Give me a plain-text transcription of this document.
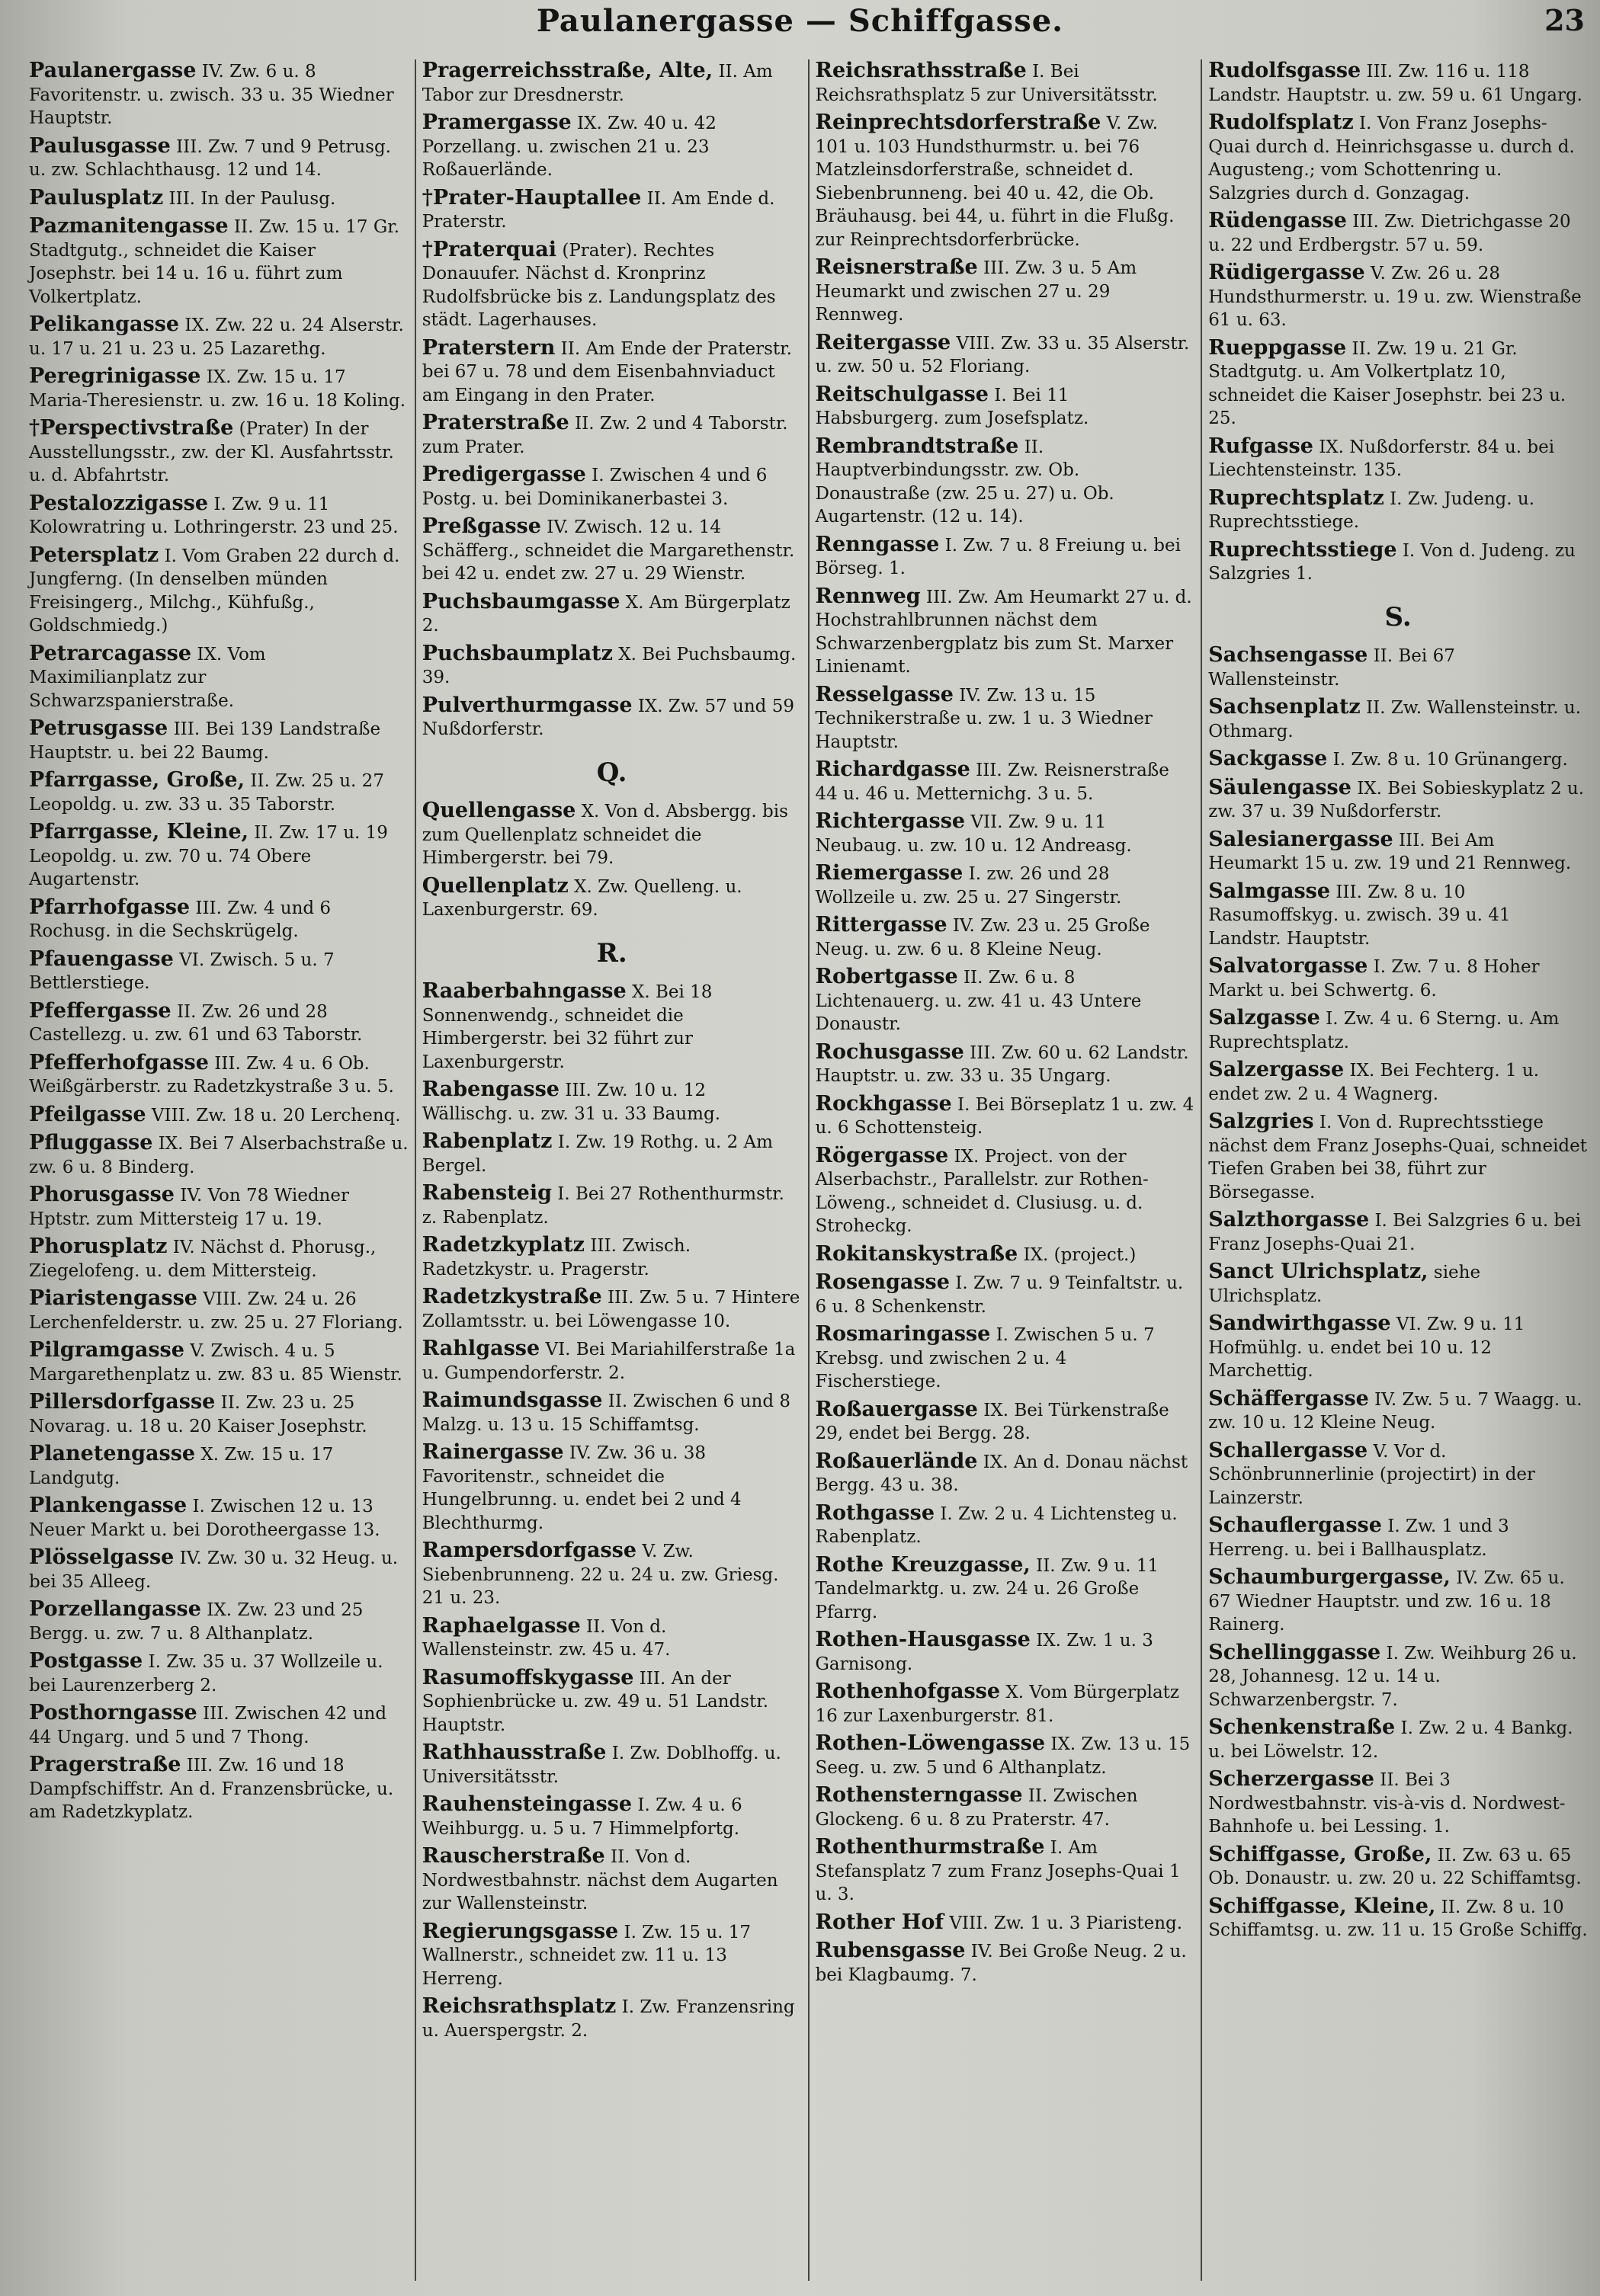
Paulanergasse — Schiffgasse.	23
Paulanergasse IV. Zw. 6 u. 8 Favoritenstr. u. zwisch. 33 u. 35 Wiedner Hauptstr.
Paulusgasse III. Zw. 7 und 9 Petrusg. u. zw. Schlachthausg. 12 und 14.
Paulusplatz III. In der Paulusg.
Pazmanitengasse II. Zw. 15 u. 17 Gr. Stadtgutg., schneidet die Kaiser Josephstr. bei 14 u. 16 u. führt zum Volkertplatz.
Pelikangasse IX. Zw. 22 u. 24 Alserstr. u. 17 u. 21 u. 23 u. 25 Lazarethg.
Peregrinigasse IX. Zw. 15 u. 17 Maria-Theresienstr. u. zw. 16 u. 18 Koling.
†Perspectivstraße (Prater) In der Ausstellungsstr., zw. der Kl. Ausfahrtsstr. u. d. Abfahrtstr.
Pestalozzigasse I. Zw. 9 u. 11 Kolowratring u. Lothringerstr. 23 und 25.
Petersplatz I. Vom Graben 22 durch d. Jungferng. (In denselben münden Freisingerg., Milchg., Kühfußg., Goldschmiedg.)
Petrarcagasse IX. Vom Maximilianplatz zur Schwarzspanierstraße.
Petrusgasse III. Bei 139 Landstraße Hauptstr. u. bei 22 Baumg.
Pfarrgasse, Große, II. Zw. 25 u. 27 Leopoldg. u. zw. 33 u. 35 Taborstr.
Pfarrgasse, Kleine, II. Zw. 17 u. 19 Leopoldg. u. zw. 70 u. 74 Obere Augartenstr.
Pfarrhofgasse III. Zw. 4 und 6 Rochusg. in die Sechskrügelg.
Pfauengasse VI. Zwisch. 5 u. 7 Bettlerstiege.
Pfeffergasse II. Zw. 26 und 28 Castellezg. u. zw. 61 und 63 Taborstr.
Pfefferhofgasse III. Zw. 4 u. 6 Ob. Weißgärberstr. zu Radetzkystraße 3 u. 5.
Pfeilgasse VIII. Zw. 18 u. 20 Lerchenq.
Pfluggasse IX. Bei 7 Alserbachstraße u. zw. 6 u. 8 Binderg.
Phorusgasse IV. Von 78 Wiedner Hptstr. zum Mittersteig 17 u. 19.
Phorusplatz IV. Nächst d. Phorusg., Ziegelofeng. u. dem Mittersteig.
Piaristengasse VIII. Zw. 24 u. 26 Lerchenfelderstr. u. zw. 25 u. 27 Floriang.
Pilgramgasse V. Zwisch. 4 u. 5 Margarethenplatz u. zw. 83 u. 85 Wienstr.
Pillersdorfgasse II. Zw. 23 u. 25 Novarag. u. 18 u. 20 Kaiser Josephstr.
Planetengasse X. Zw. 15 u. 17 Landgutg.
Plankengasse I. Zwischen 12 u. 13 Neuer Markt u. bei Dorotheergasse 13.
Plösselgasse IV. Zw. 30 u. 32 Heug. u. bei 35 Alleeg.
Porzellangasse IX. Zw. 23 und 25 Bergg. u. zw. 7 u. 8 Althanplatz.
Postgasse I. Zw. 35 u. 37 Wollzeile u. bei Laurenzerberg 2.
Posthorngasse III. Zwischen 42 und 44 Ungarg. und 5 und 7 Thong.
Pragerstraße III. Zw. 16 und 18 Dampfschiffstr. An d. Franzensbrücke, u. am Radetzkyplatz.
Pragerreichsstraße, Alte, II. Am Tabor zur Dresdnerstr.
Pramergasse IX. Zw. 40 u. 42 Porzellang. u. zwischen 21 u. 23 Roßauerlände.
†Prater-Hauptallee II. Am Ende d. Praterstr.
†Praterquai (Prater). Rechtes Donauufer. Nächst d. Kronprinz Rudolfsbrücke bis z. Landungsplatz des städt. Lagerhauses.
Praterstern II. Am Ende der Praterstr. bei 67 u. 78 und dem Eisenbahnviaduct am Eingang in den Prater.
Praterstraße II. Zw. 2 und 4 Taborstr. zum Prater.
Predigergasse I. Zwischen 4 und 6 Postg. u. bei Dominikanerbastei 3.
Preßgasse IV. Zwisch. 12 u. 14 Schäfferg., schneidet die Margarethenstr. bei 42 u. endet zw. 27 u. 29 Wienstr.
Puchsbaumgasse X. Am Bürgerplatz 2.
Puchsbaumplatz X. Bei Puchsbaumg. 39.
Pulverthurmgasse IX. Zw. 57 und 59 Nußdorferstr.
Q.
Quellengasse X. Von d. Absbergg. bis zum Quellenplatz schneidet die Himbergerstr. bei 79.
Quellenplatz X. Zw. Quelleng. u. Laxenburgerstr. 69.
R.
Raaberbahngasse X. Bei 18 Sonnenwendg., schneidet die Himbergerstr. bei 32 führt zur Laxenburgerstr.
Rabengasse III. Zw. 10 u. 12 Wällischg. u. zw. 31 u. 33 Baumg.
Rabenplatz I. Zw. 19 Rothg. u. 2 Am Bergel.
Rabensteig I. Bei 27 Rothenthurmstr. z. Rabenplatz.
Radetzkyplatz III. Zwisch. Radetzkystr. u. Pragerstr.
Radetzkystraße III. Zw. 5 u. 7 Hintere Zollamtsstr. u. bei Löwengasse 10.
Rahlgasse VI. Bei Mariahilferstraße 1a u. Gumpendorferstr. 2.
Raimundsgasse II. Zwischen 6 und 8 Malzg. u. 13 u. 15 Schiffamtsg.
Rainergasse IV. Zw. 36 u. 38 Favoritenstr., schneidet die Hungelbrunng. u. endet bei 2 und 4 Blechthurmg.
Rampersdorfgasse V. Zw. Siebenbrunneng. 22 u. 24 u. zw. Griesg. 21 u. 23.
Raphaelgasse II. Von d. Wallensteinstr. zw. 45 u. 47.
Rasumoffskygasse III. An der Sophienbrücke u. zw. 49 u. 51 Landstr. Hauptstr.
Rathhausstraße I. Zw. Doblhoffg. u. Universitätsstr.
Rauhensteingasse I. Zw. 4 u. 6 Weihburgg. u. 5 u. 7 Himmelpfortg.
Rauscherstraße II. Von d. Nordwestbahnstr. nächst dem Augarten zur Wallensteinstr.
Regierungsgasse I. Zw. 15 u. 17 Wallnerstr., schneidet zw. 11 u. 13 Herreng.
Reichsrathsplatz I. Zw. Franzensring u. Auerspergstr. 2.
Reichsrathsstraße I. Bei Reichsrathsplatz 5 zur Universitätsstr.
Reinprechtsdorferstraße V. Zw. 101 u. 103 Hundsthurmstr. u. bei 76 Matzleinsdorferstraße, schneidet d. Siebenbrunneng. bei 40 u. 42, die Ob. Bräuhausg. bei 44, u. führt in die Flußg. zur Reinprechtsdorferbrücke.
Reisnerstraße III. Zw. 3 u. 5 Am Heumarkt und zwischen 27 u. 29 Rennweg.
Reitergasse VIII. Zw. 33 u. 35 Alserstr. u. zw. 50 u. 52 Floriang.
Reitschulgasse I. Bei 11 Habsburgerg. zum Josefsplatz.
Rembrandtstraße II. Hauptverbindungsstr. zw. Ob. Donaustraße (zw. 25 u. 27) u. Ob. Augartenstr. (12 u. 14).
Renngasse I. Zw. 7 u. 8 Freiung u. bei Börseg. 1.
Rennweg III. Zw. Am Heumarkt 27 u. d. Hochstrahlbrunnen nächst dem Schwarzenbergplatz bis zum St. Marxer Linienamt.
Resselgasse IV. Zw. 13 u. 15 Technikerstraße u. zw. 1 u. 3 Wiedner Hauptstr.
Richardgasse III. Zw. Reisnerstraße 44 u. 46 u. Metternichg. 3 u. 5.
Richtergasse VII. Zw. 9 u. 11 Neubaug. u. zw. 10 u. 12 Andreasg.
Riemergasse I. zw. 26 und 28 Wollzeile u. zw. 25 u. 27 Singerstr.
Rittergasse IV. Zw. 23 u. 25 Große Neug. u. zw. 6 u. 8 Kleine Neug.
Robertgasse II. Zw. 6 u. 8 Lichtenauerg. u. zw. 41 u. 43 Untere Donaustr.
Rochusgasse III. Zw. 60 u. 62 Landstr. Hauptstr. u. zw. 33 u. 35 Ungarg.
Rockhgasse I. Bei Börseplatz 1 u. zw. 4 u. 6 Schottensteig.
Rögergasse IX. Project. von der Alserbachstr., Parallelstr. zur Rothen-Löweng., schneidet d. Clusiusg. u. d. Stroheckg.
Rokitanskystraße IX. (project.)
Rosengasse I. Zw. 7 u. 9 Teinfaltstr. u. 6 u. 8 Schenkenstr.
Rosmaringasse I. Zwischen 5 u. 7 Krebsg. und zwischen 2 u. 4 Fischerstiege.
Roßauergasse IX. Bei Türkenstraße 29, endet bei Bergg. 28.
Roßauerlände IX. An d. Donau nächst Bergg. 43 u. 38.
Rothgasse I. Zw. 2 u. 4 Lichtensteg u. Rabenplatz.
Rothe Kreuzgasse, II. Zw. 9 u. 11 Tandelmarktg. u. zw. 24 u. 26 Große Pfarrg.
Rothen-Hausgasse IX. Zw. 1 u. 3 Garnisong.
Rothenhofgasse X. Vom Bürgerplatz 16 zur Laxenburgerstr. 81.
Rothen-Löwengasse IX. Zw. 13 u. 15 Seeg. u. zw. 5 und 6 Althanplatz.
Rothensterngasse II. Zwischen Glockeng. 6 u. 8 zu Praterstr. 47.
Rothenthurmstraße I. Am Stefansplatz 7 zum Franz Josephs-Quai 1 u. 3.
Rother Hof VIII. Zw. 1 u. 3 Piaristeng.
Rubensgasse IV. Bei Große Neug. 2 u. bei Klagbaumg. 7.
Rudolfsgasse III. Zw. 116 u. 118 Landstr. Hauptstr. u. zw. 59 u. 61 Ungarg.
Rudolfsplatz I. Von Franz Josephs-Quai durch d. Heinrichsgasse u. durch d. Augusteng.; vom Schottenring u. Salzgries durch d. Gonzagag.
Rüdengasse III. Zw. Dietrichgasse 20 u. 22 und Erdbergstr. 57 u. 59.
Rüdigergasse V. Zw. 26 u. 28 Hundsthurmerstr. u. 19 u. zw. Wienstraße 61 u. 63.
Rueppgasse II. Zw. 19 u. 21 Gr. Stadtgutg. u. Am Volkertplatz 10, schneidet die Kaiser Josephstr. bei 23 u. 25.
Rufgasse IX. Nußdorferstr. 84 u. bei Liechtensteinstr. 135.
Ruprechtsplatz I. Zw. Judeng. u. Ruprechtsstiege.
Ruprechtsstiege I. Von d. Judeng. zu Salzgries 1.
S.
Sachsengasse II. Bei 67 Wallensteinstr.
Sachsenplatz II. Zw. Wallensteinstr. u. Othmarg.
Sackgasse I. Zw. 8 u. 10 Grünangerg.
Säulengasse IX. Bei Sobieskyplatz 2 u. zw. 37 u. 39 Nußdorferstr.
Salesianergasse III. Bei Am Heumarkt 15 u. zw. 19 und 21 Rennweg.
Salmgasse III. Zw. 8 u. 10 Rasumoffskyg. u. zwisch. 39 u. 41 Landstr. Hauptstr.
Salvatorgasse I. Zw. 7 u. 8 Hoher Markt u. bei Schwertg. 6.
Salzgasse I. Zw. 4 u. 6 Sterng. u. Am Ruprechtsplatz.
Salzergasse IX. Bei Fechterg. 1 u. endet zw. 2 u. 4 Wagnerg.
Salzgries I. Von d. Ruprechtsstiege nächst dem Franz Josephs-Quai, schneidet Tiefen Graben bei 38, führt zur Börsegasse.
Salzthorgasse I. Bei Salzgries 6 u. bei Franz Josephs-Quai 21.
Sanct Ulrichsplatz, siehe Ulrichsplatz.
Sandwirthgasse VI. Zw. 9 u. 11 Hofmühlg. u. endet bei 10 u. 12 Marchettig.
Schäffergasse IV. Zw. 5 u. 7 Waagg. u. zw. 10 u. 12 Kleine Neug.
Schallergasse V. Vor d. Schönbrunnerlinie (projectirt) in der Lainzerstr.
Schauflergasse I. Zw. 1 und 3 Herreng. u. bei i Ballhausplatz.
Schaumburgergasse, IV. Zw. 65 u. 67 Wiedner Hauptstr. und zw. 16 u. 18 Rainerg.
Schellinggasse I. Zw. Weihburg 26 u. 28, Johannesg. 12 u. 14 u. Schwarzenbergstr. 7.
Schenkenstraße I. Zw. 2 u. 4 Bankg. u. bei Löwelstr. 12.
Scherzergasse II. Bei 3 Nordwestbahnstr. vis-à-vis d. Nordwest-Bahnhofe u. bei Lessing. 1.
Schiffgasse, Große, II. Zw. 63 u. 65 Ob. Donaustr. u. zw. 20 u. 22 Schiffamtsg.
Schiffgasse, Kleine, II. Zw. 8 u. 10 Schiffamtsg. u. zw. 11 u. 15 Große Schiffg.
